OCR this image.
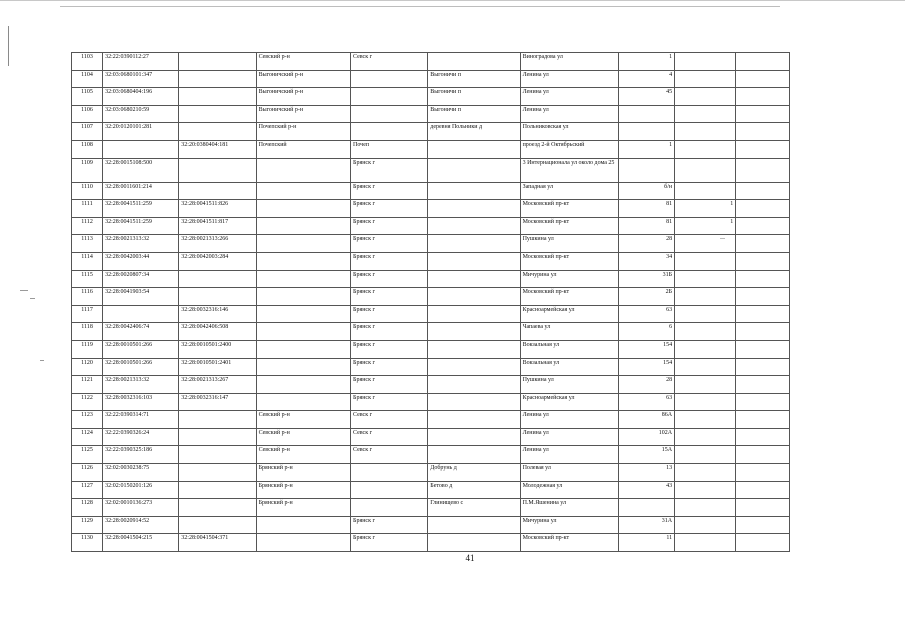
1103	32:22:0390112:27		Севский р-н	Севск г		Виноградова ул	1		
1104	32:03:0680101:347		Выгоничский р-н		Выгоничи п	Ленина ул	4		
1105	32:03:0680404:196		Выгоничский р-н		Выгоничи п	Ленина ул	45		
1106	32:03:0680210:59		Выгоничский р-н		Выгоничи п	Ленина ул			
1107	32:20:0120101:281		Почепский р-н		деревня Польники д	Польниковская ул			
1108		32:20:0380404:181	Почепский	Почеп		проезд 2-й Октябрьский	1		
1109	32:28:0015108:500			Брянск г		3 Интернационала ул около дома 25			
1110	32:28:0011601:214			Брянск г		Западная ул	б/н		
1111	32:28:0041511:259	32:28:0041511:826		Брянск г		Московский пр-кт	81	1	
1112	32:28:0041511:259	32:28:0041511:817		Брянск г		Московский пр-кт	81	1	
1113	32:28:0021313:32	32:28:0021313:266		Брянск г		Пушкина ул	28		
1114	32:28:0042003:44	32:28:0042003:284		Брянск г		Московский пр-кт	34		
1115	32:28:0020807:34			Брянск г		Мичурина ул	31Б		
1116	32:28:0041903:54			Брянск г		Московский пр-кт	2Б		
1117		32:28:0032316:146		Брянск г		Красноармейская ул	63		
1118	32:28:0042406:74	32:28:0042406:508		Брянск г		Чапаева ул	6		
1119	32:28:0010501:266	32:28:0010501:2400		Брянск г		Вокзальная ул	154		
1120	32:28:0010501:266	32:28:0010501:2401		Брянск г		Вокзальная ул	154		
1121	32:28:0021313:32	32:28:0021313:267		Брянск г		Пушкина ул	28		
1122	32:28:0032316:103	32:28:0032316:147		Брянск г		Красноармейская ул	63		
1123	32:22:0390314:71		Севский р-н	Севск г		Ленина ул	86А		
1124	32:22:0390326:24		Севский р-н	Севск г		Ленина ул	102А		
1125	32:22:0390325:186		Севский р-н	Севск г		Ленина ул	15А		
1126	32:02:0030238:75		Брянский р-н		Добрунь д	Полевая ул	13		
1127	32:02:0150201:126		Брянский р-н		Бетово д	Молодежная ул	43		
1128	32:02:0010136:273		Брянский р-н		Глинищево с	П.М.Яшенина ул			
1129	32:28:0020914:52			Брянск г		Мичурина ул	31А		
1130	32:28:0041504:215	32:28:0041504:371		Брянск г		Московский пр-кт	11		
41
